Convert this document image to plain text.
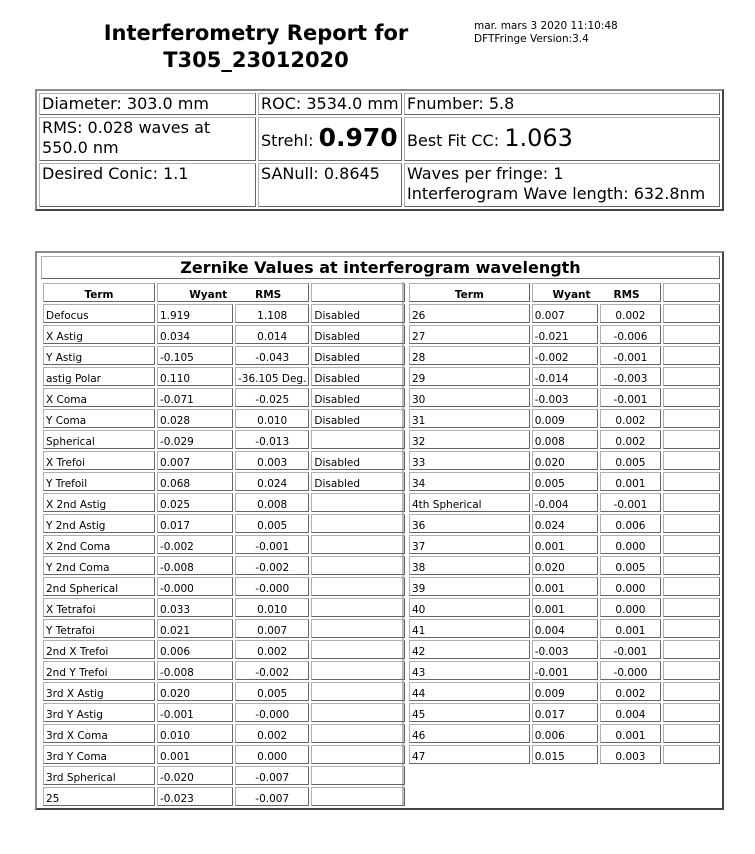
Interferometry Report for
T305_23012020
mar. mars 3 2020 11:10:48
DFTFringe Version:3.4
Diameter: 303.0 mm	ROC: 3534.0 mm	Fnumber: 5.8

RMS: 0.028 waves at
550.0 nm	Strehl: 0.970	Best Fit CC: 1.063
Desired Conic: 1.1	SANull: 0.8645	Waves per fringe: 1
Interferogram Wave length: 632.8nm
Zernike Values at interferogram wavelength
Term	Wyant RMS		
Defocus	1.919	1.108	Disabled
X Astig	0.034	0.014	Disabled
Y Astig	-0.105	-0.043	Disabled
astig Polar	0.110	-36.105 Deg.	Disabled
X Coma	-0.071	-0.025	Disabled
Y Coma	0.028	0.010	Disabled
Spherical	-0.029	-0.013	
X Trefoi	0.007	0.003	Disabled
Y Trefoil	0.068	0.024	Disabled
X 2nd Astig	0.025	0.008	
Y 2nd Astig	0.017	0.005	
X 2nd Coma	-0.002	-0.001	
Y 2nd Coma	-0.008	-0.002	
2nd Spherical	-0.000	-0.000	
X Tetrafoi	0.033	0.010	
Y Tetrafoi	0.021	0.007	
2nd X Trefoi	0.006	0.002	
2nd Y Trefoi	-0.008	-0.002	
3rd X Astig	0.020	0.005	
3rd Y Astig	-0.001	-0.000	
3rd X Coma	0.010	0.002	
3rd Y Coma	0.001	0.000	
3rd Spherical	-0.020	-0.007	
25	-0.023	-0.007	
Term	Wyant RMS		
26	0.007	0.002	
27	-0.021	-0.006	
28	-0.002	-0.001	
29	-0.014	-0.003	
30	-0.003	-0.001	
31	0.009	0.002	
32	0.008	0.002	
33	0.020	0.005	
34	0.005	0.001	
4th Spherical	-0.004	-0.001	
36	0.024	0.006	
37	0.001	0.000	
38	0.020	0.005	
39	0.001	0.000	
40	0.001	0.000	
41	0.004	0.001	
42	-0.003	-0.001	
43	-0.001	-0.000	
44	0.009	0.002	
45	0.017	0.004	
46	0.006	0.001	
47	0.015	0.003	
